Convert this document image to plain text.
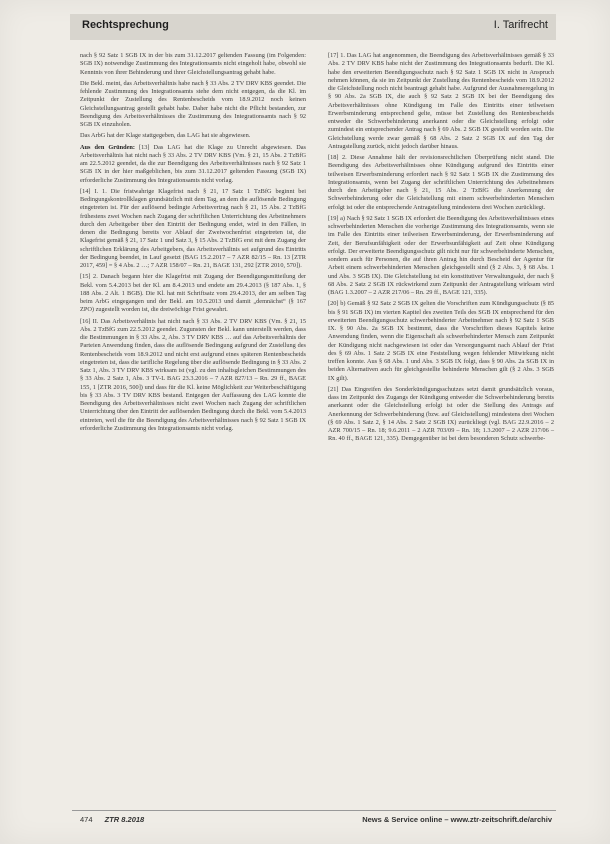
Rechtsprechung	I. Tarifrecht

nach § 92 Satz 1 SGB IX in der bis zum 31.12.2017 geltenden Fassung (im Folgenden: SGB IX) notwendige Zustimmung des Integrationsamts nicht eingeholt habe, obwohl sie Kenntnis von ihrer Behinderung und ihrer Gleichstellungsantrag gehabt habe.

Die Bekl. meint, das Arbeitsverhältnis habe nach § 33 Abs. 2 TV DRV KBS geendet. Die fehlende Zustimmung des Integrationsamts stehe dem nicht entgegen, da die Kl. im Zeitpunkt der Zustellung des Rentenbescheids vom 18.9.2012 noch keinen Gleichstellungsantrag gestellt gehabt habe. Daher habe nicht die Pflicht bestanden, zur Beendigung des Arbeitsverhältnisses die Zustimmung des Integrationsamts nach § 92 SGB IX einzuholen.

Das ArbG hat der Klage stattgegeben, das LAG hat sie abgewiesen.

Aus den Gründen: [13] Das LAG hat die Klage zu Unrecht abgewiesen. Das Arbeitsverhältnis hat nicht nach § 33 Abs. 2 TV DRV KBS (Vm. § 21, 15 Abs. 2 TzBfG am 22.5.2012 geendet, da die zur Beendigung des Arbeitsverhältnisses nach § 92 Satz 1 SGB IX in der hier maßgeblichen, bis zum 31.12.2017 geltenden Fassung (SGB IX) erforderliche Zustimmung des Integrationsamts nicht vorlag.

[14] I. 1. Die fristwahrige Klagefrist nach § 21, 17 Satz 1 TzBfG beginnt bei Bedingungskontrollklagen grundsätzlich mit dem Tag, an dem die auflösende Bedingung eingetreten ist. Für der auflösend bedingte Arbeitsvertrag nach § 21, 15 Abs. 2 TzBfG frühestens zwei Wochen nach Zugang der schriftlichen Unterrichtung des Arbeitnehmers durch den Arbeitgeber über den Eintritt der Bedingung endet, wird in den Fällen, in denen die Bedingung bereits vor Ablauf der Zweiwochenfrist eingetreten ist, die Klagefrist gemäß § 21, 17 Satz 1 und Satz 3, § 15 Abs. 2 TzBfG erst mit dem Zugang der schriftlichen Erklärung des Arbeitgebers, das Arbeitsverhältnis sei aufgrund des Eintritts der Bedingung beendet, in Lauf gesetzt (BAG 15.2.2017 – 7 AZR 82/15 – Rn. 13 [ZTR 2017, 459] = § 4 Abs. 2 …; 7 AZR 158/07 – Rn. 21, BAGE 131, 292 [ZTR 2010, 570]).

[15] 2. Danach begann hier die Klagefrist mit Zugang der Beendigungsmitteilung der Bekl. vom 5.4.2013 bei der Kl. am 8.4.2013 und endete am 29.4.2013 (§ 187 Abs. 1, § 188 Abs. 2 Alt. 1 BGB). Die Kl. hat mit Schriftsatz vom 29.4.2013, der am selben Tag beim ArbG eingegangen und der Bekl. am 10.5.2013 und damit „demnächst“ (§ 167 ZPO) zugestellt worden ist, die dreiwöchige Frist gewahrt.

[16] II. Das Arbeitsverhältnis hat nicht nach § 33 Abs. 2 TV DRV KBS (Vm. § 21, 15 Abs. 2 TzBfG zum 22.5.2012 geendet. Zugunsten der Bekl. kann unterstellt werden, dass die Bestimmungen in § 33 Abs. 2, Abs. 3 TV DRV KBS … auf das Arbeitsverhältnis der Parteien Anwendung finden, dass die auflösende Bedingung aufgrund der Zustellung des Rentenbescheids vom 18.9.2012 und nicht erst aufgrund eines späteren Rentenbescheids eingetreten ist, dass die tarifliche Regelung über die auflösende Bedingung in § 33 Abs. 2 Satz 1, Abs. 3 TV DRV KBS wirksam ist (vgl. zu den inhaltsgleichen Bestimmungen des § 33 Abs. 2 Satz 1, Abs. 3 TV-L BAG 23.3.2016 – 7 AZR 827/13 – Rn. 29 ff., BAGE 155, 1 [ZTR 2016, 500]) und dass für die Kl. keine Möglichkeit zur Weiterbeschäftigung bis § 33 Abs. 3 TV DRV KBS bestand. Entgegen der Auffassung des LAG konnte die Beendigung des Arbeitsverhältnisses nicht zwei Wochen nach Zugang der schriftlichen Unterrichtung über den Eintritt der auflösenden Bedingung durch die Bekl. vom 5.4.2013 eintreten, weil die für die Beendigung des Arbeitsverhältnisses nach § 92 Satz 1 SGB IX erforderliche Zustimmung des Integrationsamts nicht vorlag.

[17] 1. Das LAG hat angenommen, die Beendigung des Arbeitsverhältnisses gemäß § 33 Abs. 2 TV DRV KBS habe nicht der Zustimmung des Integrationsamts bedurft. Die Kl. habe den erweiterten Beendigungsschutz nach § 92 Satz 1 SGB IX nicht in Anspruch nehmen können, da sie im Zeitpunkt der Zustellung des Rentenbescheids vom 18.9.2012 die Gleichstellung noch nicht beantragt gehabt habe. Aufgrund der Ausnahmeregelung in § 90 Abs. 2a SGB IX, die auch § 92 Satz 2 SGB IX bei der Beendigung des Arbeitsverhältnisses ohne Kündigung im Falle des Eintritts einer teilweisen Erwerbsminderung entsprechend gelte, müsse bei Zustellung des Rentenbescheids entweder die Schwerbehinderung anerkannt oder die Gleichstellung erfolgt oder zumindest ein entsprechender Antrag nach § 69 Abs. 2 SGB IX gestellt worden sein. Die Gleichstellung werde zwar gemäß § 68 Abs. 2 Satz 2 SGB IX auf den Tag der Antragstellung zurück, nicht jedoch darüber hinaus.

[18] 2. Diese Annahme hält der revisionsrechtlichen Überprüfung nicht stand. Die Beendigung des Arbeitsverhältnisses ohne Kündigung aufgrund des Eintritts einer teilweisen Erwerbsminderung erfordert nach § 92 Satz 1 SGB IX die Zustimmung des Integrationsamts, wenn bei Zugang der schriftlichen Unterrichtung des Arbeitnehmers durch den Arbeitgeber nach § 21, 15 Abs. 2 TzBfG die Anerkennung der Schwerbehinderung oder die Gleichstellung mit einem schwerbehinderten Menschen erfolgt ist oder die entsprechende Antragstellung mindestens drei Wochen zurückliegt.

[19] a) Nach § 92 Satz 1 SGB IX erfordert die Beendigung des Arbeitsverhältnisses eines schwerbehinderten Menschen die vorherige Zustimmung des Integrationsamts, wenn sie im Falle des Eintritts einer teilweisen Erwerbsminderung, der Erwerbsminderung auf Zeit, der Berufsunfähigkeit oder der Erwerbsunfähigkeit auf Zeit ohne Kündigung erfolgt. Der erweiterte Beendigungsschutz gilt nicht nur für schwerbehinderte Menschen, sondern auch für Personen, die auf ihren Antrag hin durch Bescheid der Agentur für Arbeit einem schwerbehinderten Menschen gleichgestellt sind (§ 2 Abs. 3, § 68 Abs. 1 und Abs. 3 SGB IX). Die Gleichstellung ist ein konstitutiver Verwaltungsakt, der nach § 68 Abs. 2 Satz 2 SGB IX rückwirkend zum Zeitpunkt der Antragstellung wirksam wird (BAG 1.3.2007 – 2 AZR 217/06 – Rn. 29 ff., BAGE 121, 335).

[20] b) Gemäß § 92 Satz 2 SGB IX gelten die Vorschriften zum Kündigungsschutz (§ 85 bis § 91 SGB IX) im vierten Kapitel des zweiten Teils des SGB IX entsprechend für den erweiterten Beendigungsschutz schwerbehinderter Arbeitnehmer nach § 92 Satz 1 SGB IX. § 90 Abs. 2a SGB IX bestimmt, dass die Vorschriften dieses Kapitels keine Anwendung finden, wenn die Eigenschaft als schwerbehinderter Mensch zum Zeitpunkt der Kündigung nicht nachgewiesen ist oder das Versorgungsamt nach Ablauf der Frist des § 69 Abs. 1 Satz 2 SGB IX eine Feststellung wegen fehlender Mitwirkung nicht treffen konnte. Aus § 68 Abs. 1 und Abs. 3 SGB IX folgt, dass § 90 Abs. 2a SGB IX in beiden Alternativen auch für gleichgestellte behinderte Menschen gilt (§ 2 Abs. 3 SGB IX gilt).

[21] Das Eingreifen des Sonderkündigungsschutzes setzt damit grundsätzlich voraus, dass im Zeitpunkt des Zugangs der Kündigung entweder die Schwerbehinderung bereits anerkannt oder die Gleichstellung erfolgt ist oder die Stellung des Antrags auf Anerkennung der Schwerbehinderung (bzw. auf Gleichstellung) mindestens drei Wochen (§ 69 Abs. 1 Satz 2, § 14 Abs. 2 Satz 2 SGB IX) zurückliegt (vgl. BAG 22.9.2016 – 2 AZR 700/15 – Rn. 18; 9.6.2011 – 2 AZR 703/09 – Rn. 18; 1.3.2007 – 2 AZR 217/06 – Rn. 40 ff., BAGE 121, 335). Demgegenüber ist bei dem besonderen Schutz schwerbe-

474 ZTR 8.2018	News & Service online – www.ztr-zeitschrift.de/archiv
